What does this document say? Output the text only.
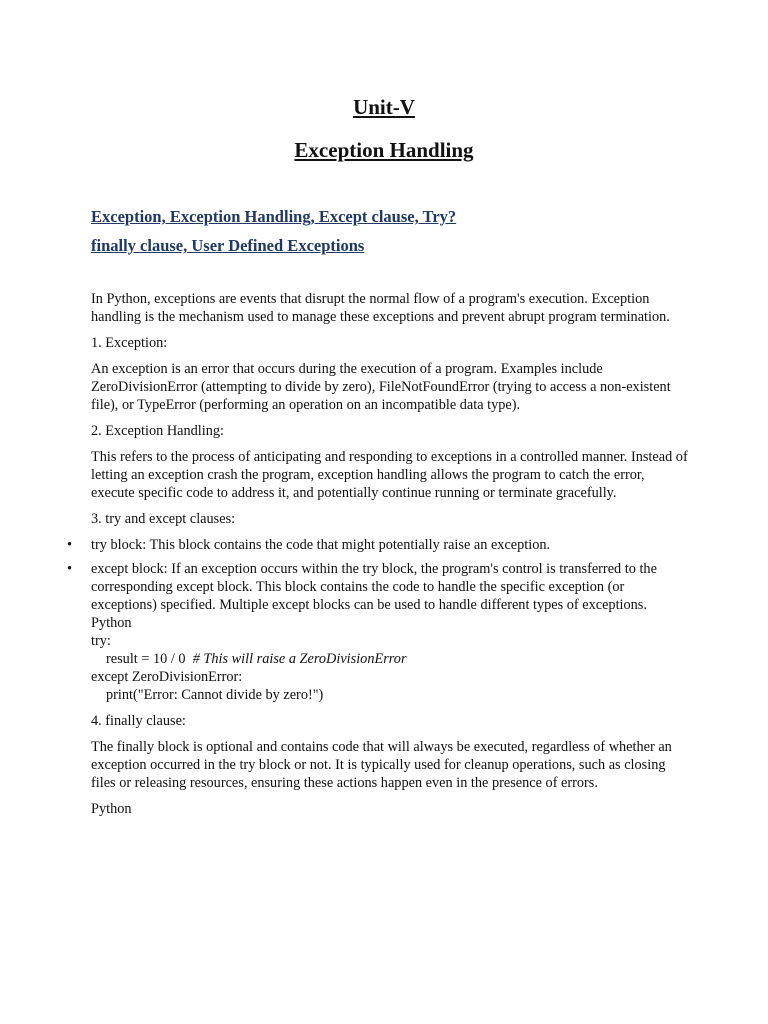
Unit-V
Exception Handling
Exception, Exception Handling, Except clause, Try?
finally clause, User Defined Exceptions

In Python, exceptions are events that disrupt the normal flow of a program's execution. Exception handling is the mechanism used to manage these exceptions and prevent abrupt program termination.

1. Exception:

An exception is an error that occurs during the execution of a program. Examples include ZeroDivisionError (attempting to divide by zero), FileNotFoundError (trying to access a non-existent file), or TypeError (performing an operation on an incompatible data type).

2. Exception Handling:

This refers to the process of anticipating and responding to exceptions in a controlled manner. Instead of letting an exception crash the program, exception handling allows the program to catch the error, execute specific code to address it, and potentially continue running or terminate gracefully.

3. try and except clauses:

• try block: This block contains the code that might potentially raise an exception.
• except block: If an exception occurs within the try block, the program's control is transferred to the corresponding except block. This block contains the code to handle the specific exception (or exceptions) specified. Multiple except blocks can be used to handle different types of exceptions.
Python
try:
result = 10 / 0 # This will raise a ZeroDivisionError
except ZeroDivisionError:
print("Error: Cannot divide by zero!")

4. finally clause:

The finally block is optional and contains code that will always be executed, regardless of whether an exception occurred in the try block or not. It is typically used for cleanup operations, such as closing files or releasing resources, ensuring these actions happen even in the presence of errors.

Python
